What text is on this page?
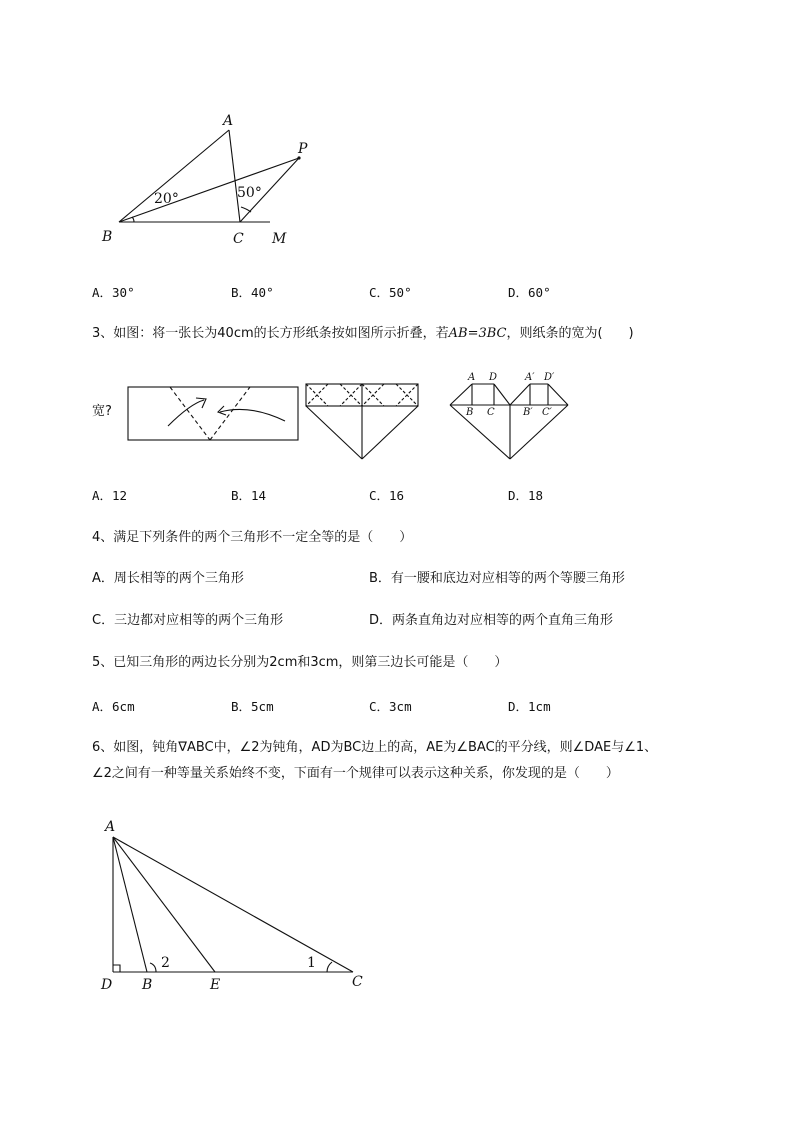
A
B	C M
P
20°	50°
A．30°	B．40°	C．50°	D．60°
3、如图：将一张长为40cm的长方形纸条按如图所示折叠，若AB=3BC，则纸条的宽为(　　)
宽?
A D
B C
A′ D′
B′ C′
A．12	B．14	C．16	D．18
4、满足下列条件的两个三角形不一定全等的是（　　）
A．周长相等的两个三角形	B．有一腰和底边对应相等的两个等腰三角形
C．三边都对应相等的两个三角形	D．两条直角边对应相等的两个直角三角形
5、已知三角形的两边长分别为2cm和3cm，则第三边长可能是（　　）
A．6cm	B．5cm	C．3cm	D．1cm
6、如图，钝角∇ABC中，∠2为钝角，AD为BC边上的高，AE为∠BAC的平分线，则∠DAE与∠1、
∠2之间有一种等量关系始终不变，下面有一个规律可以表示这种关系，你发现的是（　　）
A
D B	E	C
1
2
